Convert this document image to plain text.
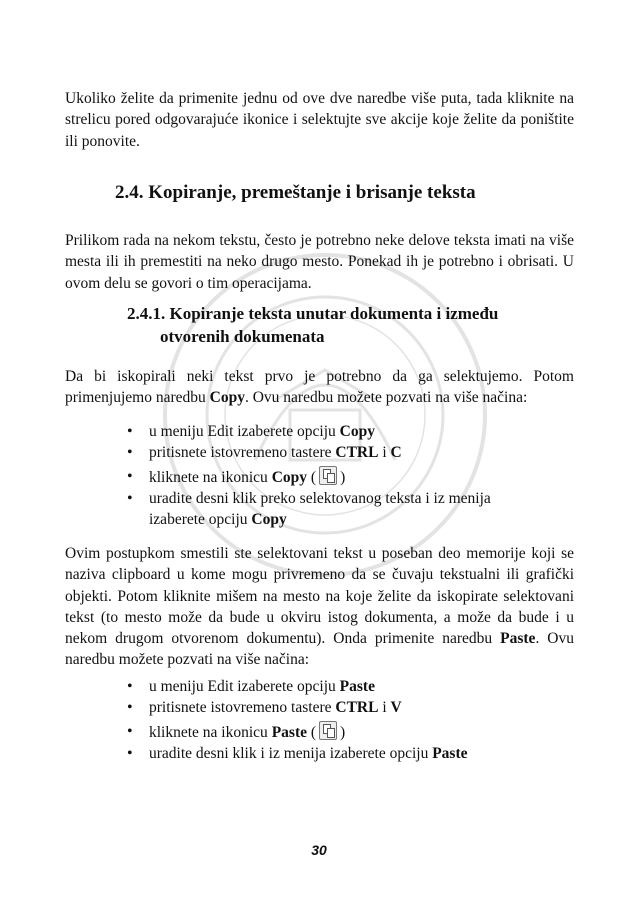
Ukoliko želite da primenite jednu od ove dve naredbe više puta, tada kliknite na strelicu pored odgovarajuće ikonice i selektujte sve akcije koje želite da poništite ili ponovite.

2.4. Kopiranje, premeštanje i brisanje teksta

Prilikom rada na nekom tekstu, često je potrebno neke delove teksta imati na više mesta ili ih premestiti na neko drugo mesto. Ponekad ih je potrebno i obrisati. U ovom delu se govori o tim operacijama.

2.4.1. Kopiranje teksta unutar dokumenta i između
otvorenih dokumenata

Da bi iskopirali neki tekst prvo je potrebno da ga selektujemo. Potom primenjujemo naredbu Copy. Ovu naredbu možete pozvati na više načina:

• u meniju Edit izaberete opciju Copy
• pritisnete istovremeno tastere CTRL i C
• kliknete na ikonicu Copy ( )
• uradite desni klik preko selektovanog teksta i iz menija
izaberete opciju Copy

Ovim postupkom smestili ste selektovani tekst u poseban deo memorije koji se naziva clipboard u kome mogu privremeno da se čuvaju tekstualni ili grafički objekti. Potom kliknite mišem na mesto na koje želite da iskopirate selektovani tekst (to mesto može da bude u okviru istog dokumenta, a može da bude i u nekom drugom otvorenom dokumentu). Onda primenite naredbu Paste. Ovu naredbu možete pozvati na više načina:

• u meniju Edit izaberete opciju Paste
• pritisnete istovremeno tastere CTRL i V
• kliknete na ikonicu Paste ( )
• uradite desni klik i iz menija izaberete opciju Paste
30
